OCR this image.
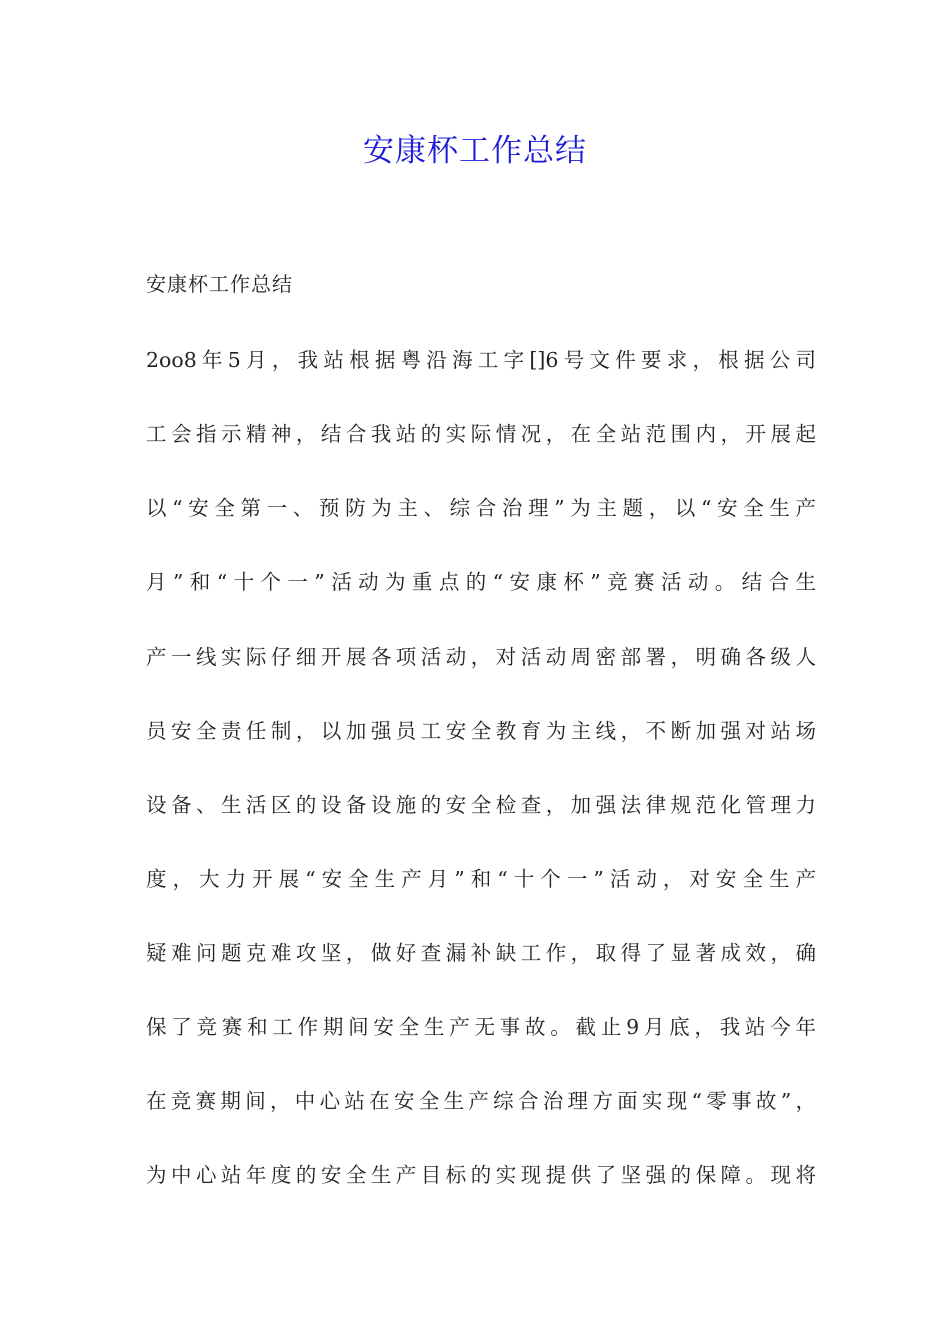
安康杯工作总结
安康杯工作总结
2oo8年5月，我站根据粤沿海工字[]6号文件要求，根据公司
工会指示精神，结合我站的实际情况，在全站范围内，开展起
以“安全第一、预防为主、综合治理”为主题，以“安全生产
月”和“十个一”活动为重点的“安康杯”竞赛活动。结合生
产一线实际仔细开展各项活动，对活动周密部署，明确各级人
员安全责任制，以加强员工安全教育为主线，不断加强对站场
设备、生活区的设备设施的安全检查，加强法律规范化管理力
度，大力开展“安全生产月”和“十个一”活动，对安全生产
疑难问题克难攻坚，做好查漏补缺工作，取得了显著成效，确
保了竞赛和工作期间安全生产无事故。截止9月底，我站今年
在竞赛期间，中心站在安全生产综合治理方面实现“零事故”，
为中心站年度的安全生产目标的实现提供了坚强的保障。现将
